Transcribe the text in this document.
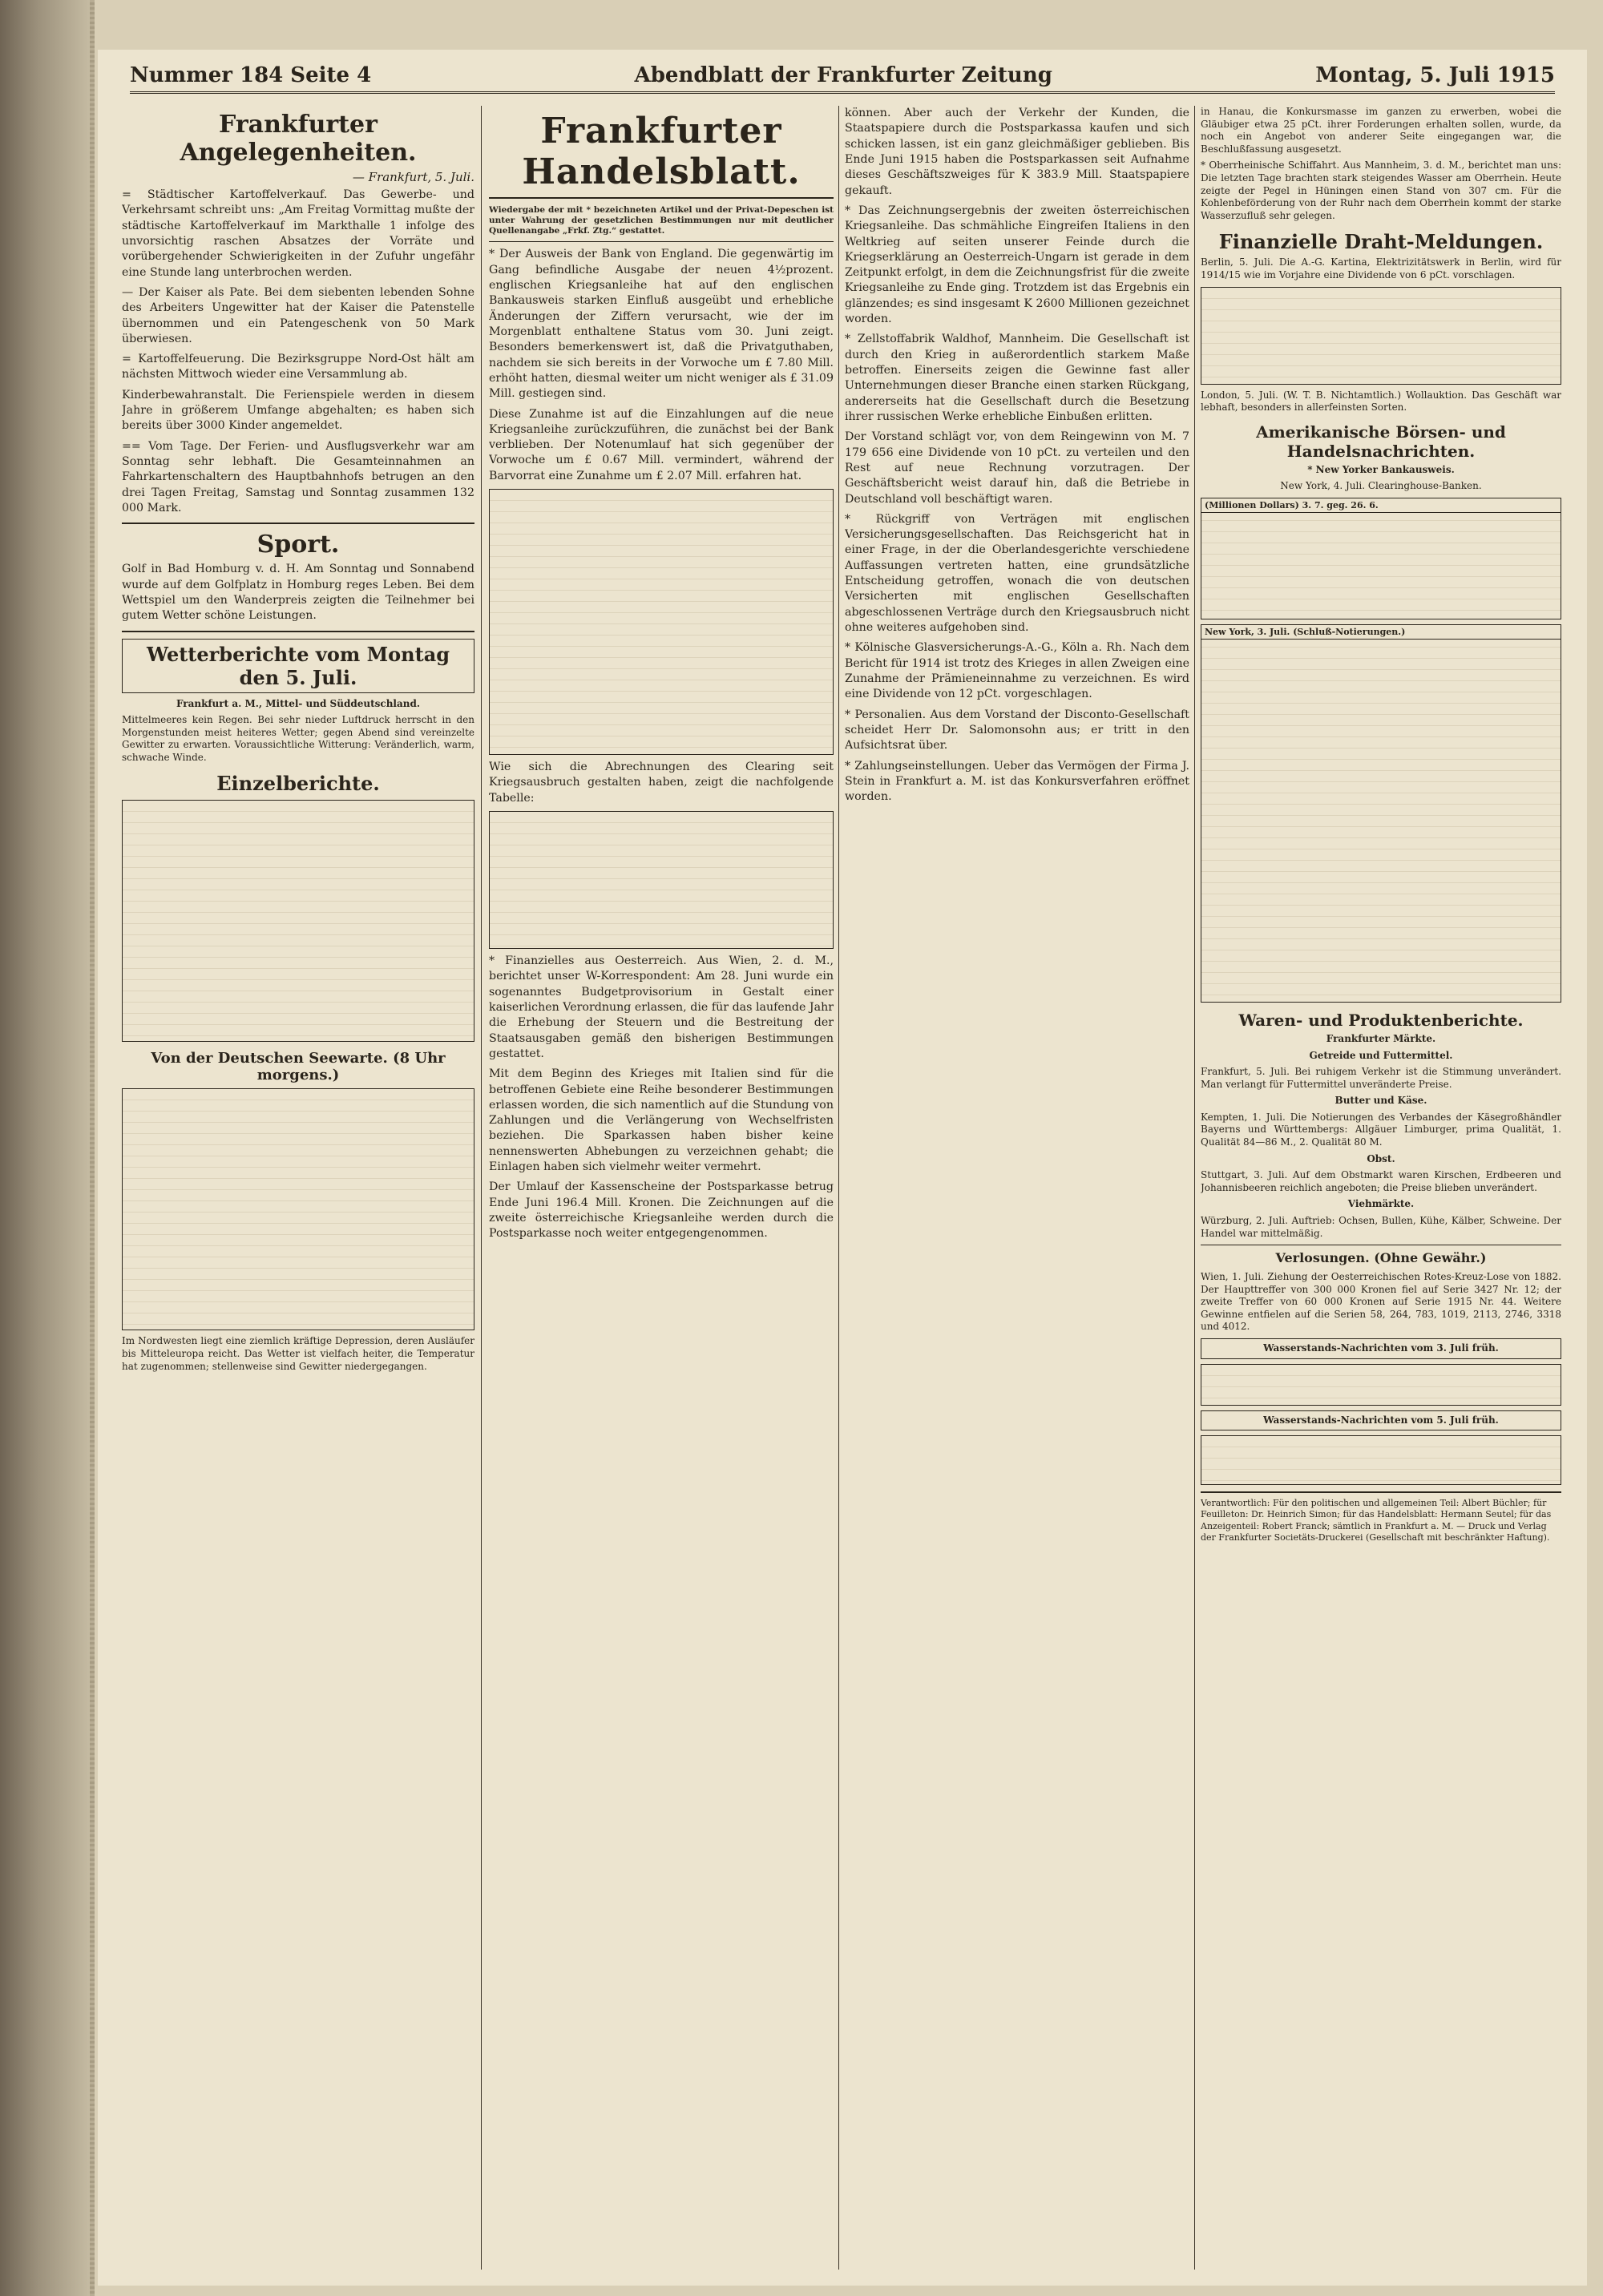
Nummer 184 Seite 4	Abendblatt der Frankfurter Zeitung	Montag, 5. Juli 1915
Frankfurter Angelegenheiten.
— Frankfurt, 5. Juli.

= Städtischer Kartoffelverkauf. Das Gewerbe- und Verkehrsamt schreibt uns: „Am Freitag Vormittag mußte der städtische Kartoffelverkauf im Markthalle 1 infolge des unvorsichtig raschen Absatzes der Vorräte und vorübergehender Schwierigkeiten in der Zufuhr ungefähr eine Stunde lang unterbrochen werden.

— Der Kaiser als Pate. Bei dem siebenten lebenden Sohne des Arbeiters Ungewitter hat der Kaiser die Patenstelle übernommen und ein Patengeschenk von 50 Mark überwiesen.

= Kartoffelfeuerung. Die Bezirksgruppe Nord-Ost hält am nächsten Mittwoch wieder eine Versammlung ab.

Kinderbewahranstalt. Die Ferienspiele werden in diesem Jahre in größerem Umfange abgehalten; es haben sich bereits über 3000 Kinder angemeldet.

== Vom Tage. Der Ferien- und Ausflugsverkehr war am Sonntag sehr lebhaft. Die Gesamteinnahmen an Fahrkartenschaltern des Hauptbahnhofs betrugen an den drei Tagen Freitag, Samstag und Sonntag zusammen 132 000 Mark.

Sport.

Golf in Bad Homburg v. d. H. Am Sonntag und Sonnabend wurde auf dem Golfplatz in Homburg reges Leben. Bei dem Wettspiel um den Wanderpreis zeigten die Teilnehmer bei gutem Wetter schöne Leistungen.

Wetterberichte vom Montag den 5. Juli.
Frankfurt a. M., Mittel- und Süddeutschland.

Mittelmeeres kein Regen. Bei sehr nieder Luftdruck herrscht in den Morgenstunden meist heiteres Wetter; gegen Abend sind vereinzelte Gewitter zu erwarten. Voraussichtliche Witterung: Veränderlich, warm, schwache Winde.

Einzelberichte.
Von der Deutschen Seewarte. (8 Uhr morgens.)

Im Nordwesten liegt eine ziemlich kräftige Depression, deren Ausläufer bis Mitteleuropa reicht. Das Wetter ist vielfach heiter, die Temperatur hat zugenommen; stellenweise sind Gewitter niedergegangen.

Frankfurter Handelsblatt.

Wiedergabe der mit * bezeichneten Artikel und der Privat-Depeschen ist unter Wahrung der gesetzlichen Bestimmungen nur mit deutlicher Quellenangabe „Frkf. Ztg.“ gestattet.

* Der Ausweis der Bank von England. Die gegenwärtig im Gang befindliche Ausgabe der neuen 4½prozent. englischen Kriegsanleihe hat auf den englischen Bankausweis starken Einfluß ausgeübt und erhebliche Änderungen der Ziffern verursacht, wie der im Morgenblatt enthaltene Status vom 30. Juni zeigt. Besonders bemerkenswert ist, daß die Privatguthaben, nachdem sie sich bereits in der Vorwoche um £ 7.80 Mill. erhöht hatten, diesmal weiter um nicht weniger als £ 31.09 Mill. gestiegen sind.

Diese Zunahme ist auf die Einzahlungen auf die neue Kriegsanleihe zurückzuführen, die zunächst bei der Bank verblieben. Der Notenumlauf hat sich gegenüber der Vorwoche um £ 0.67 Mill. vermindert, während der Barvorrat eine Zunahme um £ 2.07 Mill. erfahren hat.

Wie sich die Abrechnungen des Clearing seit Kriegsausbruch gestalten haben, zeigt die nachfolgende Tabelle:

* Finanzielles aus Oesterreich. Aus Wien, 2. d. M., berichtet unser W-Korrespondent: Am 28. Juni wurde ein sogenanntes Budgetprovisorium in Gestalt einer kaiserlichen Verordnung erlassen, die für das laufende Jahr die Erhebung der Steuern und die Bestreitung der Staatsausgaben gemäß den bisherigen Bestimmungen gestattet.

Mit dem Beginn des Krieges mit Italien sind für die betroffenen Gebiete eine Reihe besonderer Bestimmungen erlassen worden, die sich namentlich auf die Stundung von Zahlungen und die Verlängerung von Wechselfristen beziehen. Die Sparkassen haben bisher keine nennenswerten Abhebungen zu verzeichnen gehabt; die Einlagen haben sich vielmehr weiter vermehrt.

Der Umlauf der Kassenscheine der Postsparkasse betrug Ende Juni 196.4 Mill. Kronen. Die Zeichnungen auf die zweite österreichische Kriegsanleihe werden durch die Postsparkasse noch weiter entgegengenommen.

können. Aber auch der Verkehr der Kunden, die Staatspapiere durch die Postsparkassa kaufen und sich schicken lassen, ist ein ganz gleichmäßiger geblieben. Bis Ende Juni 1915 haben die Postsparkassen seit Aufnahme dieses Geschäftszweiges für K 383.9 Mill. Staatspapiere gekauft.

* Das Zeichnungsergebnis der zweiten österreichischen Kriegsanleihe. Das schmähliche Eingreifen Italiens in den Weltkrieg auf seiten unserer Feinde durch die Kriegserklärung an Oesterreich-Ungarn ist gerade in dem Zeitpunkt erfolgt, in dem die Zeichnungsfrist für die zweite Kriegsanleihe zu Ende ging. Trotzdem ist das Ergebnis ein glänzendes; es sind insgesamt K 2600 Millionen gezeichnet worden.

* Zellstoffabrik Waldhof, Mannheim. Die Gesellschaft ist durch den Krieg in außerordentlich starkem Maße betroffen. Einerseits zeigen die Gewinne fast aller Unternehmungen dieser Branche einen starken Rückgang, andererseits hat die Gesellschaft durch die Besetzung ihrer russischen Werke erhebliche Einbußen erlitten.

Der Vorstand schlägt vor, von dem Reingewinn von M. 7 179 656 eine Dividende von 10 pCt. zu verteilen und den Rest auf neue Rechnung vorzutragen. Der Geschäftsbericht weist darauf hin, daß die Betriebe in Deutschland voll beschäftigt waren.

* Rückgriff von Verträgen mit englischen Versicherungsgesellschaften. Das Reichsgericht hat in einer Frage, in der die Oberlandesgerichte verschiedene Auffassungen vertreten hatten, eine grundsätzliche Entscheidung getroffen, wonach die von deutschen Versicherten mit englischen Gesellschaften abgeschlossenen Verträge durch den Kriegsausbruch nicht ohne weiteres aufgehoben sind.

* Kölnische Glasversicherungs-A.-G., Köln a. Rh. Nach dem Bericht für 1914 ist trotz des Krieges in allen Zweigen eine Zunahme der Prämieneinnahme zu verzeichnen. Es wird eine Dividende von 12 pCt. vorgeschlagen.

* Personalien. Aus dem Vorstand der Disconto-Gesellschaft scheidet Herr Dr. Salomonsohn aus; er tritt in den Aufsichtsrat über.

* Zahlungseinstellungen. Ueber das Vermögen der Firma J. Stein in Frankfurt a. M. ist das Konkursverfahren eröffnet worden.

in Hanau, die Konkursmasse im ganzen zu erwerben, wobei die Gläubiger etwa 25 pCt. ihrer Forderungen erhalten sollen, wurde, da noch ein Angebot von anderer Seite eingegangen war, die Beschlußfassung ausgesetzt.

* Oberrheinische Schiffahrt. Aus Mannheim, 3. d. M., berichtet man uns: Die letzten Tage brachten stark steigendes Wasser am Oberrhein. Heute zeigte der Pegel in Hüningen einen Stand von 307 cm. Für die Kohlenbeförderung von der Ruhr nach dem Oberrhein kommt der starke Wasserzufluß sehr gelegen.

Finanzielle Draht-Meldungen.

Berlin, 5. Juli. Die A.-G. Kartina, Elektrizitätswerk in Berlin, wird für 1914/15 wie im Vorjahre eine Dividende von 6 pCt. vorschlagen.

London, 5. Juli. (W. T. B. Nichtamtlich.) Wollauktion. Das Geschäft war lebhaft, besonders in allerfeinsten Sorten.

Amerikanische Börsen- und Handelsnachrichten.
* New Yorker Bankausweis.
New York, 4. Juli. Clearinghouse-Banken.
(Millionen Dollars) 3. 7. geg. 26. 6.
New York, 3. Juli. (Schluß-Notierungen.)
Waren- und Produktenberichte.
Frankfurter Märkte.
Getreide und Futtermittel.

Frankfurt, 5. Juli. Bei ruhigem Verkehr ist die Stimmung unverändert. Man verlangt für Futtermittel unveränderte Preise.

Butter und Käse.

Kempten, 1. Juli. Die Notierungen des Verbandes der Käsegroßhändler Bayerns und Württembergs: Allgäuer Limburger, prima Qualität, 1. Qualität 84—86 M., 2. Qualität 80 M.

Obst.

Stuttgart, 3. Juli. Auf dem Obstmarkt waren Kirschen, Erdbeeren und Johannisbeeren reichlich angeboten; die Preise blieben unverändert.

Viehmärkte.

Würzburg, 2. Juli. Auftrieb: Ochsen, Bullen, Kühe, Kälber, Schweine. Der Handel war mittelmäßig.

Verlosungen. (Ohne Gewähr.)

Wien, 1. Juli. Ziehung der Oesterreichischen Rotes-Kreuz-Lose von 1882. Der Haupttreffer von 300 000 Kronen fiel auf Serie 3427 Nr. 12; der zweite Treffer von 60 000 Kronen auf Serie 1915 Nr. 44. Weitere Gewinne entfielen auf die Serien 58, 264, 783, 1019, 2113, 2746, 3318 und 4012.

Wasserstands-Nachrichten vom 3. Juli früh.
Wasserstands-Nachrichten vom 5. Juli früh.
Verantwortlich: Für den politischen und allgemeinen Teil: Albert Büchler; für Feuilleton: Dr. Heinrich Simon; für das Handelsblatt: Hermann Seutel; für das Anzeigenteil: Robert Franck; sämtlich in Frankfurt a. M. — Druck und Verlag der Frankfurter Societäts-Druckerei (Gesellschaft mit beschränkter Haftung).
